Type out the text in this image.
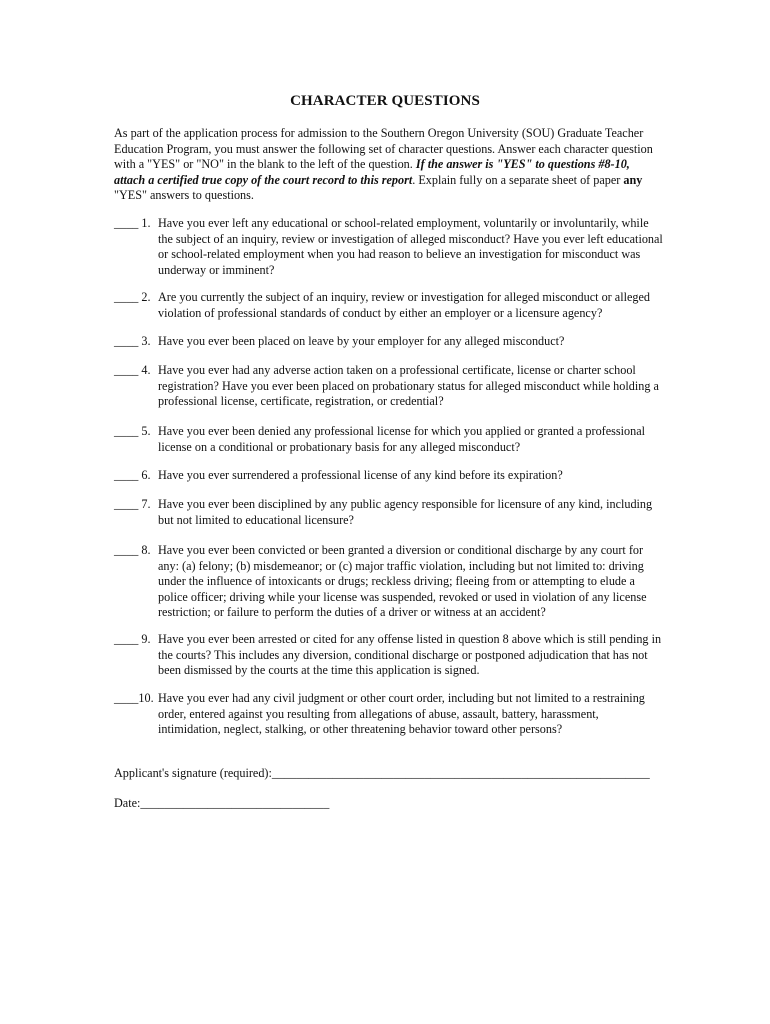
CHARACTER QUESTIONS
As part of the application process for admission to the Southern Oregon University (SOU) Graduate Teacher Education Program, you must answer the following set of character questions. Answer each character question with a "YES" or "NO" in the blank to the left of the question. If the answer is "YES" to questions #8-10, attach a certified true copy of the court record to this report. Explain fully on a separate sheet of paper any "YES" answers to questions.
____ 1. Have you ever left any educational or school-related employment, voluntarily or involuntarily, while the subject of an inquiry, review or investigation of alleged misconduct? Have you ever left educational or school-related employment when you had reason to believe an investigation for misconduct was underway or imminent?
____ 2. Are you currently the subject of an inquiry, review or investigation for alleged misconduct or alleged violation of professional standards of conduct by either an employer or a licensure agency?
____ 3. Have you ever been placed on leave by your employer for any alleged misconduct?
____ 4. Have you ever had any adverse action taken on a professional certificate, license or charter school registration? Have you ever been placed on probationary status for alleged misconduct while holding a professional license, certificate, registration, or credential?
____ 5. Have you ever been denied any professional license for which you applied or granted a professional license on a conditional or probationary basis for any alleged misconduct?
____ 6. Have you ever surrendered a professional license of any kind before its expiration?
____ 7. Have you ever been disciplined by any public agency responsible for licensure of any kind, including but not limited to educational licensure?
____ 8. Have you ever been convicted or been granted a diversion or conditional discharge by any court for any: (a) felony; (b) misdemeanor; or (c) major traffic violation, including but not limited to: driving under the influence of intoxicants or drugs; reckless driving; fleeing from or attempting to elude a police officer; driving while your license was suspended, revoked or used in violation of any license restriction; or failure to perform the duties of a driver or witness at an accident?
____ 9. Have you ever been arrested or cited for any offense listed in question 8 above which is still pending in the courts? This includes any diversion, conditional discharge or postponed adjudication that has not been dismissed by the courts at the time this application is signed.
____10. Have you ever had any civil judgment or other court order, including but not limited to a restraining order, entered against you resulting from allegations of abuse, assault, battery, harassment, intimidation, neglect, stalking, or other threatening behavior toward other persons?
Applicant's signature (required):______________________________________________________________
Date:_______________________________
